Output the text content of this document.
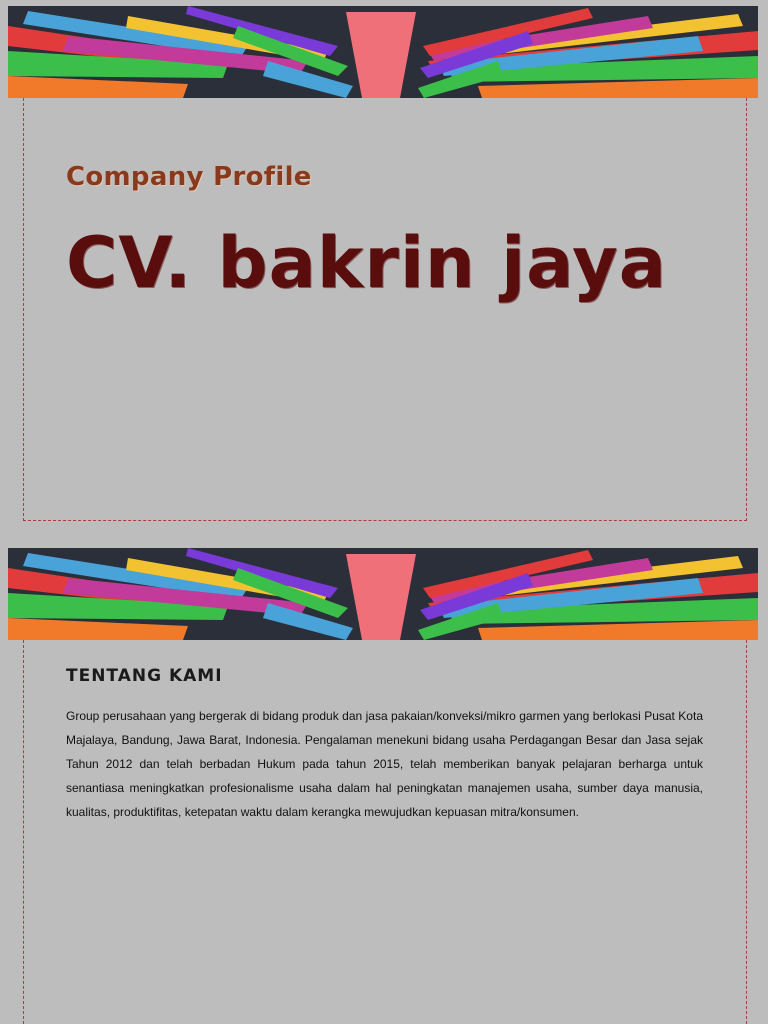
Company Profile
CV. bakrin jaya
TENTANG KAMI

Group perusahaan yang bergerak di bidang produk dan jasa pakaian/konveksi/mikro garmen yang berlokasi Pusat Kota Majalaya, Bandung, Jawa Barat, Indonesia. Pengalaman menekuni bidang usaha Perdagangan Besar dan Jasa sejak Tahun 2012 dan telah berbadan Hukum pada tahun 2015, telah memberikan banyak pelajaran berharga untuk senantiasa meningkatkan profesionalisme usaha dalam hal peningkatan manajemen usaha, sumber daya manusia, kualitas, produktifitas, ketepatan waktu dalam kerangka mewujudkan kepuasan mitra/konsumen.
